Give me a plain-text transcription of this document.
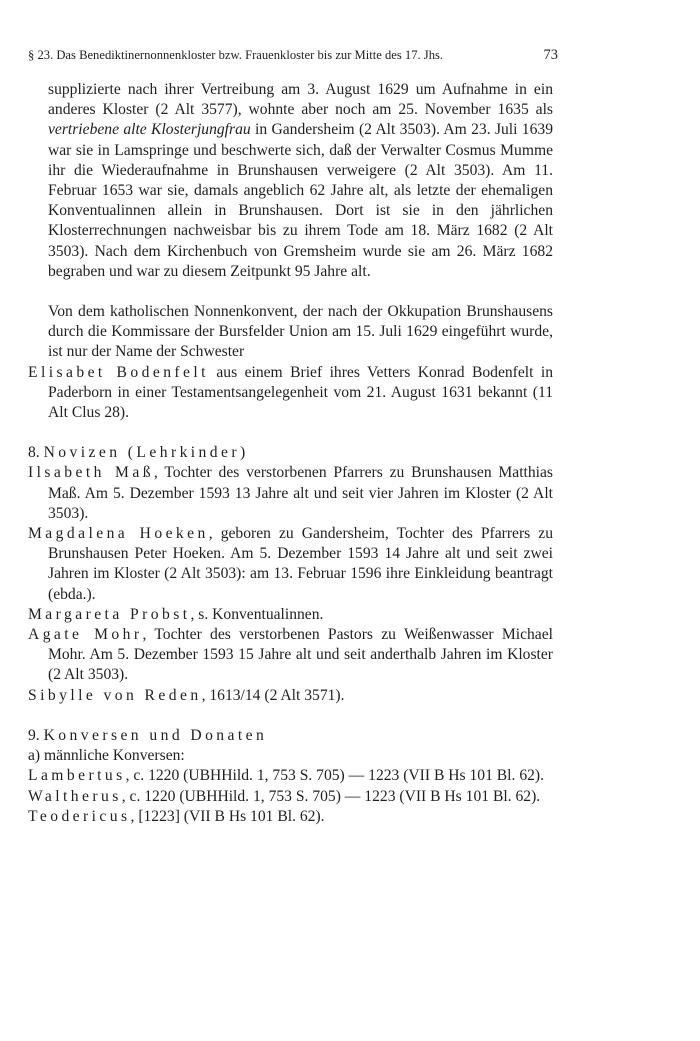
§ 23. Das Benediktinernonnenkloster bzw. Frauenkloster bis zur Mitte des 17. Jhs.	73

supplizierte nach ihrer Vertreibung am 3. August 1629 um Aufnahme in ein anderes Kloster (2 Alt 3577), wohnte aber noch am 25. November 1635 als vertriebene alte Klosterjungfrau in Gandersheim (2 Alt 3503). Am 23. Juli 1639 war sie in Lamspringe und beschwerte sich, daß der Verwalter Cosmus Mumme ihr die Wiederaufnahme in Brunshausen verweigere (2 Alt 3503). Am 11. Februar 1653 war sie, damals angeblich 62 Jahre alt, als letzte der ehemaligen Konventualinnen allein in Brunshausen. Dort ist sie in den jährlichen Klosterrechnungen nachweisbar bis zu ihrem Tode am 18. März 1682 (2 Alt 3503). Nach dem Kirchenbuch von Gremsheim wurde sie am 26. März 1682 begraben und war zu diesem Zeitpunkt 95 Jahre alt.

Von dem katholischen Nonnenkonvent, der nach der Okkupation Brunshausens durch die Kommissare der Bursfelder Union am 15. Juli 1629 eingeführt wurde, ist nur der Name der Schwester

Elisabet Bodenfelt aus einem Brief ihres Vetters Konrad Bodenfelt in Paderborn in einer Testamentsangelegenheit vom 21. August 1631 bekannt (11 Alt Clus 28).

8. Novizen (Lehrkinder)

Ilsabeth Maß, Tochter des verstorbenen Pfarrers zu Brunshausen Matthias Maß. Am 5. Dezember 1593 13 Jahre alt und seit vier Jahren im Kloster (2 Alt 3503).

Magdalena Hoeken, geboren zu Gandersheim, Tochter des Pfarrers zu Brunshausen Peter Hoeken. Am 5. Dezember 1593 14 Jahre alt und seit zwei Jahren im Kloster (2 Alt 3503): am 13. Februar 1596 ihre Einkleidung beantragt (ebda.).

Margareta Probst, s. Konventualinnen.

Agate Mohr, Tochter des verstorbenen Pastors zu Weißenwasser Michael Mohr. Am 5. Dezember 1593 15 Jahre alt und seit anderthalb Jahren im Kloster (2 Alt 3503).

Sibylle von Reden, 1613/14 (2 Alt 3571).

9. Konversen und Donaten

a) männliche Konversen:

Lambertus, c. 1220 (UBHHild. 1, 753 S. 705) — 1223 (VII B Hs 101 Bl. 62).

Waltherus, c. 1220 (UBHHild. 1, 753 S. 705) — 1223 (VII B Hs 101 Bl. 62).

Teodericus, [1223] (VII B Hs 101 Bl. 62).
